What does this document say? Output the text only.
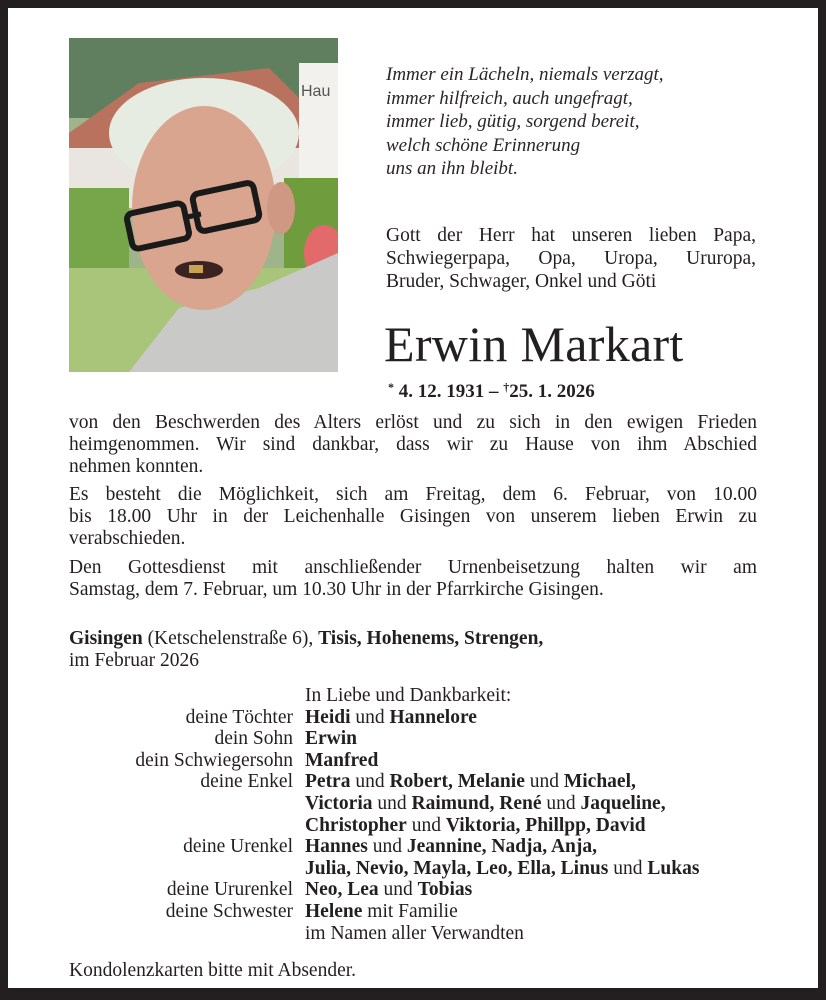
Hau
Immer ein Lächeln, niemals verzagt,
immer hilfreich, auch ungefragt,
immer lieb, gütig, sorgend bereit,
welch schöne Erinnerung
uns an ihn bleibt.
Gott der Herr hat unseren lieben Papa,
Schwiegerpapa, Opa, Uropa, Ururopa,
Bruder, Schwager, Onkel und Göti
Erwin Markart
* 4. 12. 1931 – †25. 1. 2026
von den Beschwerden des Alters erlöst und zu sich in den ewigen Frieden
heimgenommen. Wir sind dankbar, dass wir zu Hause von ihm Abschied
nehmen konnten.
Es besteht die Möglichkeit, sich am Freitag, dem 6. Februar, von 10.00
bis 18.00 Uhr in der Leichenhalle Gisingen von unserem lieben Erwin zu
verabschieden.
Den Gottesdienst mit anschließender Urnenbeisetzung halten wir am
Samstag, dem 7. Februar, um 10.30 Uhr in der Pfarrkirche Gisingen.
Gisingen (Ketschelenstraße 6), Tisis, Hohenems, Strengen,
im Februar 2026
In Liebe und Dankbarkeit:
deine Töchter Heidi und Hannelore
dein Sohn Erwin
dein Schwiegersohn Manfred
deine Enkel Petra und Robert, Melanie und Michael,
Victoria und Raimund, René und Jaqueline,
Christopher und Viktoria, Phillpp, David
deine Urenkel Hannes und Jeannine, Nadja, Anja,
Julia, Nevio, Mayla, Leo, Ella, Linus und Lukas
deine Ururenkel Neo, Lea und Tobias
deine Schwester Helene mit Familie
im Namen aller Verwandten
Kondolenzkarten bitte mit Absender.
